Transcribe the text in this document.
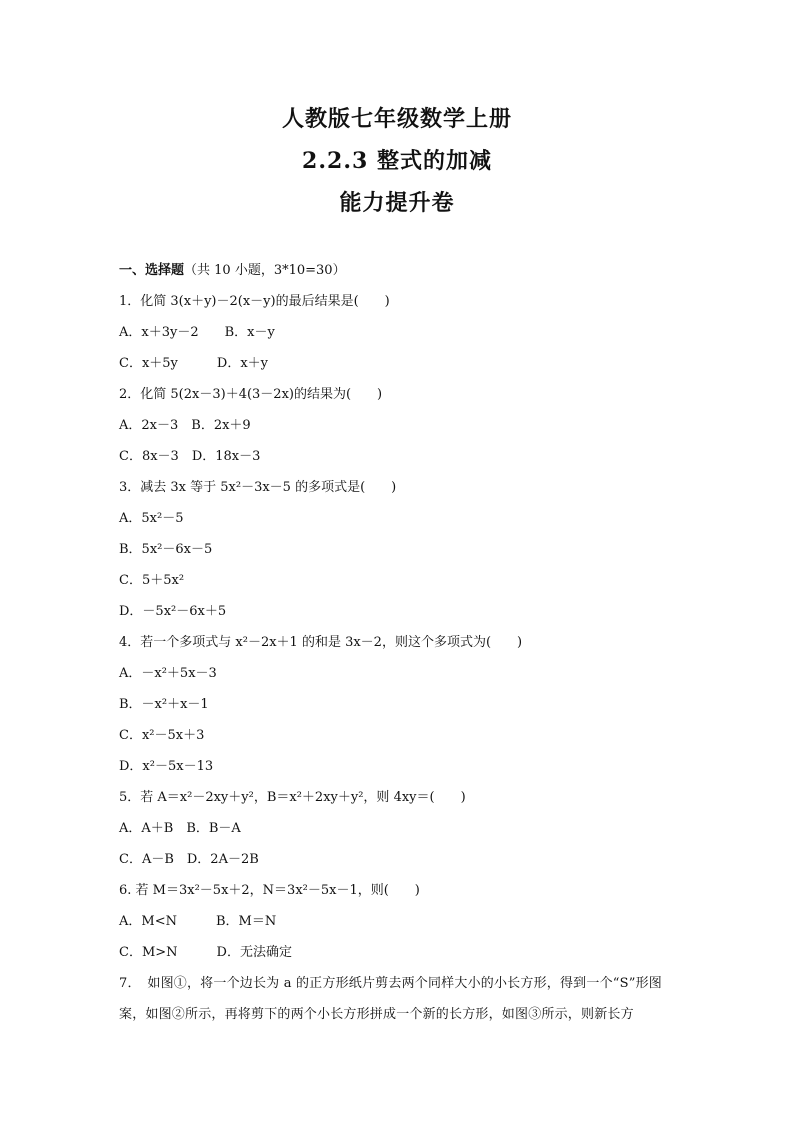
人教版七年级数学上册
2.2.3 整式的加减
能力提升卷
一、选择题（共 10 小题，3*10=30）
1．化简 3(x＋y)－2(x－y)的最后结果是(　　)
A．x＋3y－2　　B．x－y
C．x＋5y　　　D．x＋y
2．化简 5(2x－3)＋4(3－2x)的结果为(　　)
A．2x－3　B．2x＋9
C．8x－3　D．18x－3
3．减去 3x 等于 5x²－3x－5 的多项式是(　　)
A．5x²－5
B．5x²－6x－5
C．5＋5x²
D．－5x²－6x＋5
4．若一个多项式与 x²－2x＋1 的和是 3x－2，则这个多项式为(　　)
A．－x²＋5x－3
B．－x²＋x－1
C．x²－5x＋3
D．x²－5x－13
5．若 A＝x²－2xy＋y²，B＝x²＋2xy＋y²，则 4xy＝(　　)
A．A＋B　B．B－A
C．A－B　D．2A－2B
6. 若 M＝3x²－5x＋2，N＝3x²－5x－1，则(　　)
A．M<N　　　B．M＝N
C．M>N　　　D．无法确定
7．　如图①，将一个边长为 a 的正方形纸片剪去两个同样大小的小长方形，得到一个“S”形图案，如图②所示，再将剪下的两个小长方形拼成一个新的长方形，如图③所示，则新长方
